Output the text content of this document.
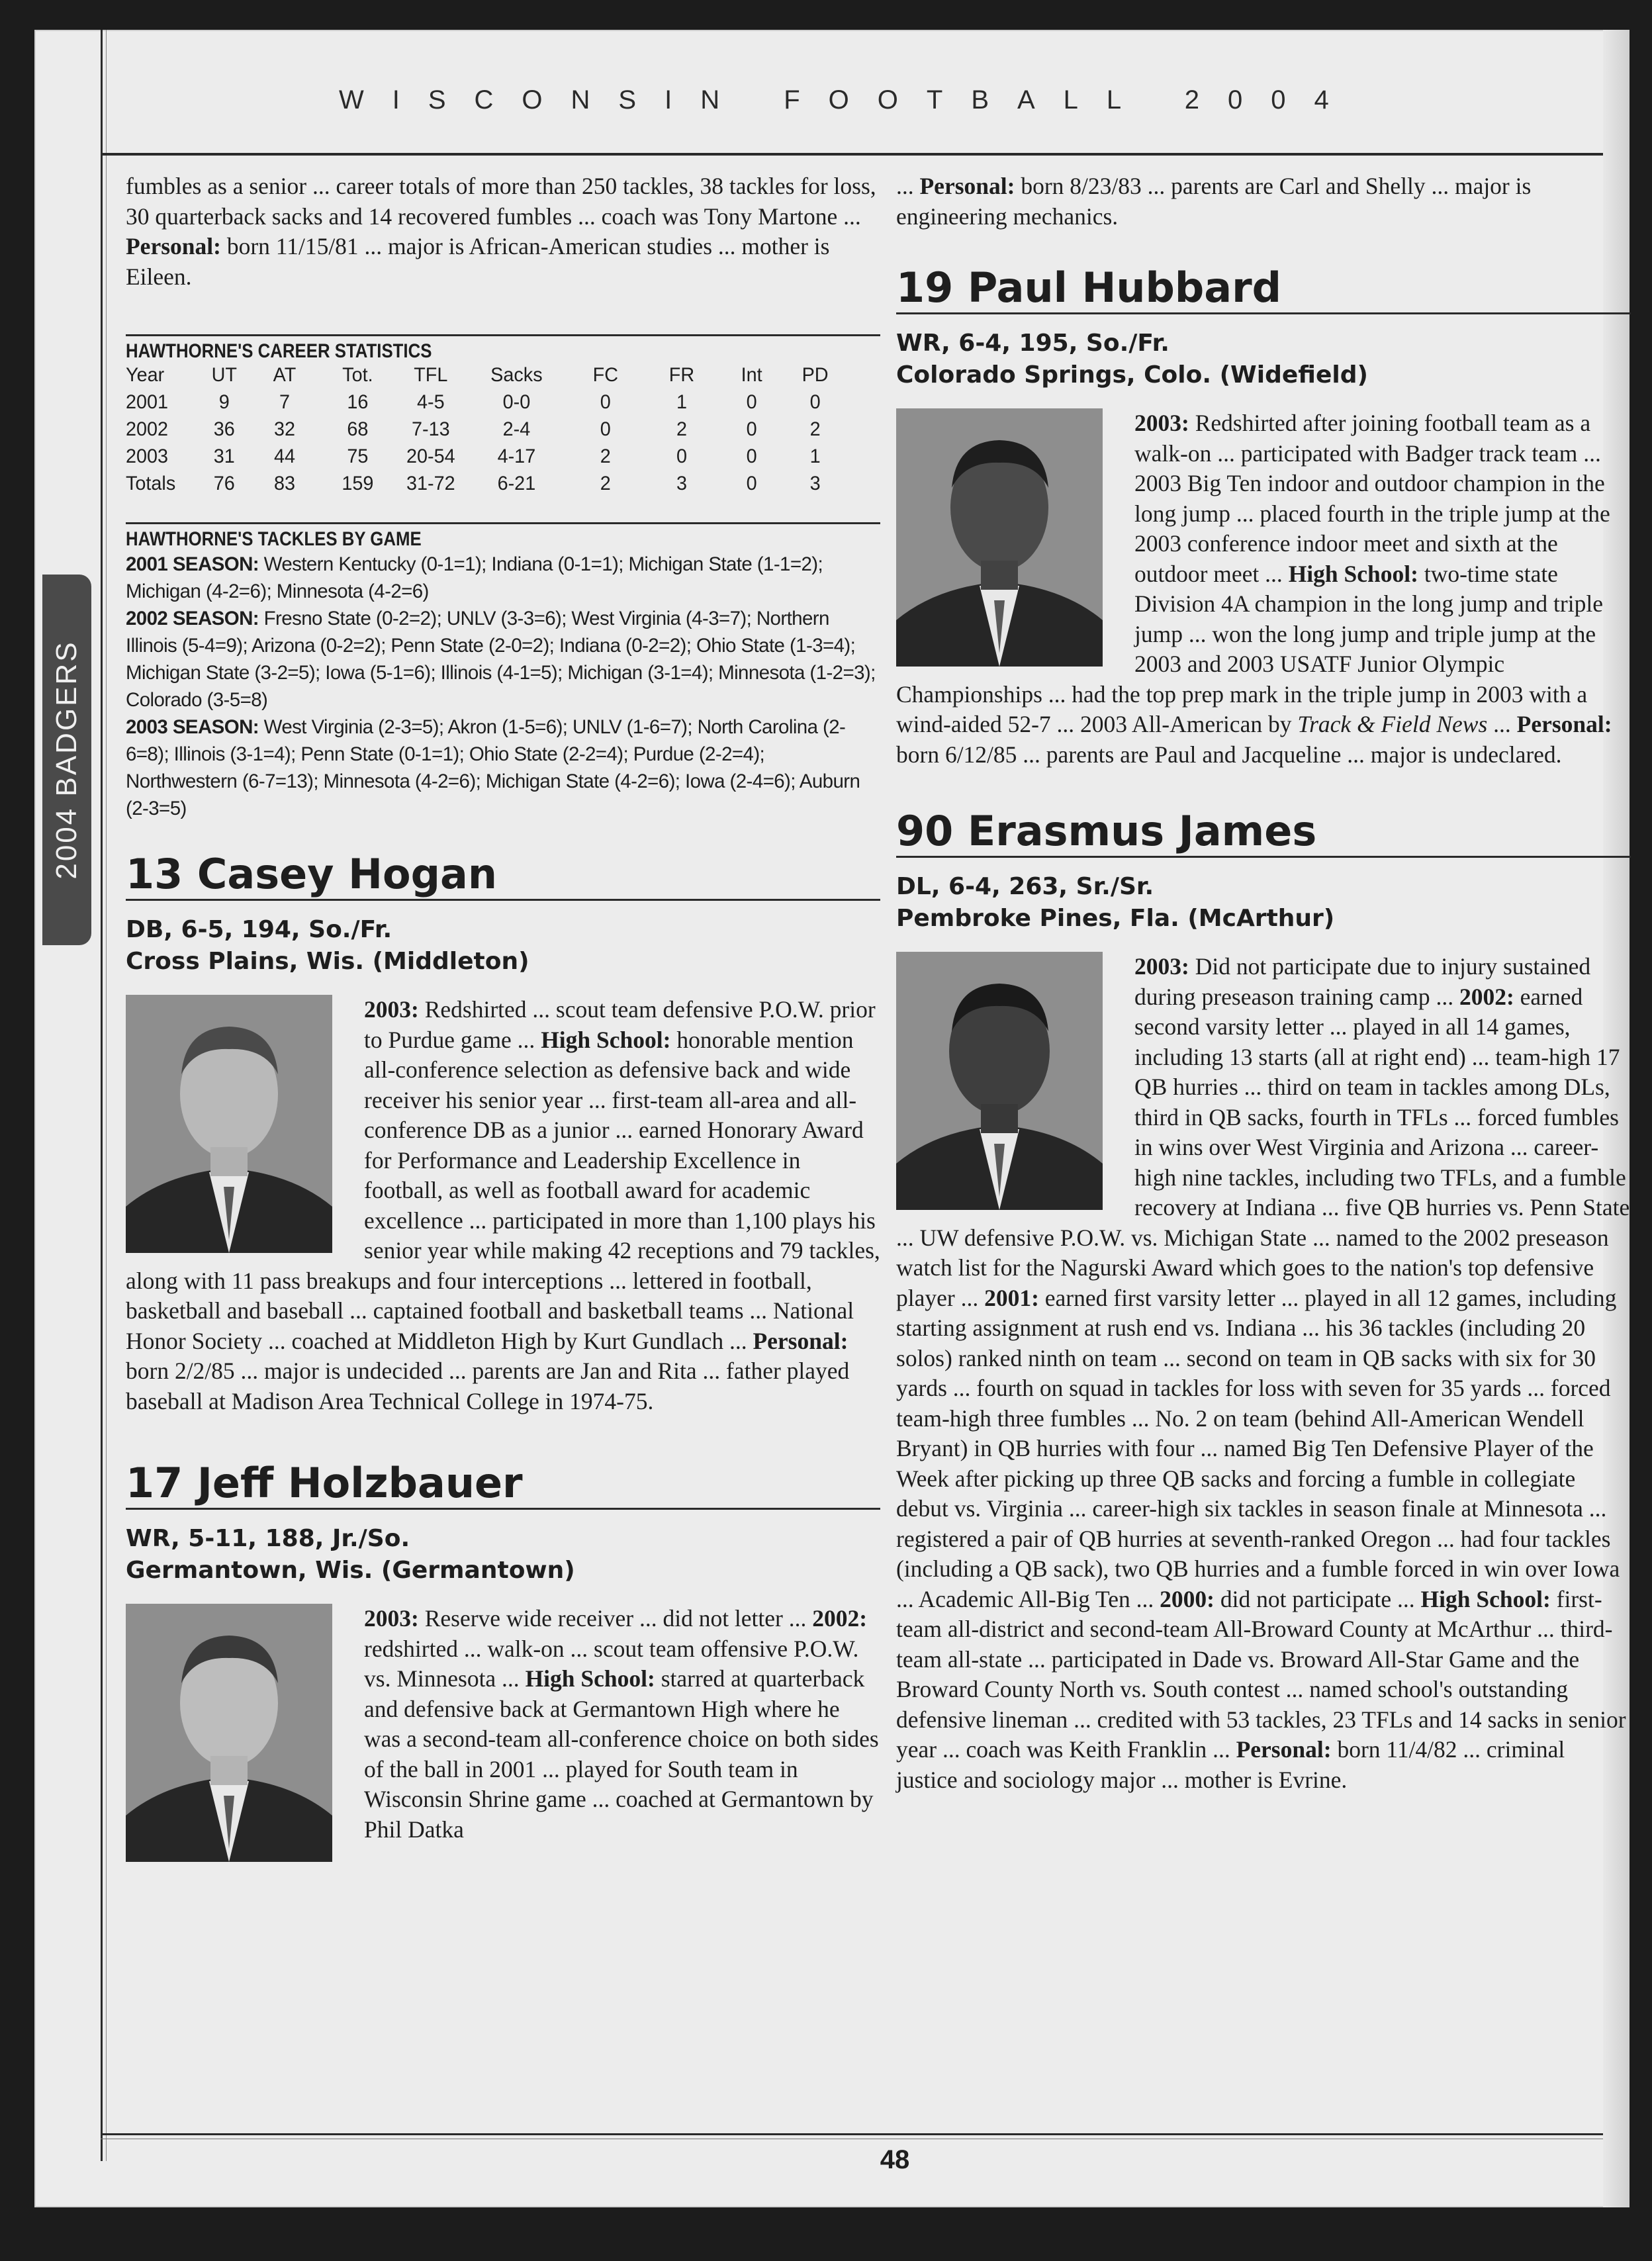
WISCONSIN FOOTBALL 2004
2004 BADGERS

fumbles as a senior ... career totals of more than 250 tackles, 38 tackles for loss, 30 quarterback sacks and 14 recovered fumbles ... coach was Tony Martone ... Personal: born 11/15/81 ... major is African-American studies ... mother is Eileen.

HAWTHORNE'S CAREER STATISTICS
Year	UT	AT	Tot.	TFL	Sacks	FC	FR	Int	PD
2001	9	7	16	4-5	0-0	0	1	0	0
2002	36	32	68	7-13	2-4	0	2	0	2
2003	31	44	75	20-54	4-17	2	0	0	1
Totals	76	83	159	31-72	6-21	2	3	0	3
HAWTHORNE'S TACKLES BY GAME

2001 SEASON: Western Kentucky (0-1=1); Indiana (0-1=1); Michigan State (1-1=2); Michigan (4-2=6); Minnesota (4-2=6)

2002 SEASON: Fresno State (0-2=2); UNLV (3-3=6); West Virginia (4-3=7); Northern Illinois (5-4=9); Arizona (0-2=2); Penn State (2-0=2); Indiana (0-2=2); Ohio State (1-3=4); Michigan State (3-2=5); Iowa (5-1=6); Illinois (4-1=5); Michigan (3-1=4); Minnesota (1-2=3); Colorado (3-5=8)

2003 SEASON: West Virginia (2-3=5); Akron (1-5=6); UNLV (1-6=7); North Carolina (2-6=8); Illinois (3-1=4); Penn State (0-1=1); Ohio State (2-2=4); Purdue (2-2=4); Northwestern (6-7=13); Minnesota (4-2=6); Michigan State (4-2=6); Iowa (2-4=6); Auburn (2-3=5)

13 Casey Hogan

DB, 6-5, 194, So./Fr.

Cross Plains, Wis. (Middleton)

2003: Redshirted ... scout team defensive P.O.W. prior to Purdue game ... High School: honorable mention all-conference selection as defensive back and wide receiver his senior year ... first-team all-area and all-conference DB as a junior ... earned Honorary Award for Performance and Leadership Excellence in football, as well as football award for academic excellence ... participated in more than 1,100 plays his senior year while making 42 receptions and 79 tackles, along with 11 pass breakups and four interceptions ... lettered in football, basketball and baseball ... captained football and basketball teams ... National Honor Society ... coached at Middleton High by Kurt Gundlach ... Personal: born 2/2/85 ... major is undecided ... parents are Jan and Rita ... father played baseball at Madison Area Technical College in 1974-75.

17 Jeff Holzbauer

WR, 5-11, 188, Jr./So.

Germantown, Wis. (Germantown)

2003: Reserve wide receiver ... did not letter ... 2002: redshirted ... walk-on ... scout team offensive P.O.W. vs. Minnesota ... High School: starred at quarterback and defensive back at Germantown High where he was a second-team all-conference choice on both sides of the ball in 2001 ... played for South team in Wisconsin Shrine game ... coached at Germantown by Phil Datka

... Personal: born 8/23/83 ... parents are Carl and Shelly ... major is engineering mechanics.

19 Paul Hubbard

WR, 6-4, 195, So./Fr.

Colorado Springs, Colo. (Widefield)

2003: Redshirted after joining football team as a walk-on ... participated with Badger track team ... 2003 Big Ten indoor and outdoor champion in the long jump ... placed fourth in the triple jump at the 2003 conference indoor meet and sixth at the outdoor meet ... High School: two-time state Division 4A champion in the long jump and triple jump ... won the long jump and triple jump at the 2003 and 2003 USATF Junior Olympic Championships ... had the top prep mark in the triple jump in 2003 with a wind-aided 52-7 ... 2003 All-American by Track & Field News ... Personal: born 6/12/85 ... parents are Paul and Jacqueline ... major is undeclared.

90 Erasmus James

DL, 6-4, 263, Sr./Sr.

Pembroke Pines, Fla. (McArthur)

2003: Did not participate due to injury sustained during preseason training camp ... 2002: earned second varsity letter ... played in all 14 games, including 13 starts (all at right end) ... team-high 17 QB hurries ... third on team in tackles among DLs, third in QB sacks, fourth in TFLs ... forced fumbles in wins over West Virginia and Arizona ... career-high nine tackles, including two TFLs, and a fumble recovery at Indiana ... five QB hurries vs. Penn State ... UW defensive P.O.W. vs. Michigan State ... named to the 2002 preseason watch list for the Nagurski Award which goes to the nation's top defensive player ... 2001: earned first varsity letter ... played in all 12 games, including starting assignment at rush end vs. Indiana ... his 36 tackles (including 20 solos) ranked ninth on team ... second on team in QB sacks with six for 30 yards ... fourth on squad in tackles for loss with seven for 35 yards ... forced team-high three fumbles ... No. 2 on team (behind All-American Wendell Bryant) in QB hurries with four ... named Big Ten Defensive Player of the Week after picking up three QB sacks and forcing a fumble in collegiate debut vs. Virginia ... career-high six tackles in season finale at Minnesota ... registered a pair of QB hurries at seventh-ranked Oregon ... had four tackles (including a QB sack), two QB hurries and a fumble forced in win over Iowa ... Academic All-Big Ten ... 2000: did not participate ... High School: first-team all-district and second-team All-Broward County at McArthur ... third-team all-state ... participated in Dade vs. Broward All-Star Game and the Broward County North vs. South contest ... named school's outstanding defensive lineman ... credited with 53 tackles, 23 TFLs and 14 sacks in senior year ... coach was Keith Franklin ... Personal: born 11/4/82 ... criminal justice and sociology major ... mother is Evrine.

48
